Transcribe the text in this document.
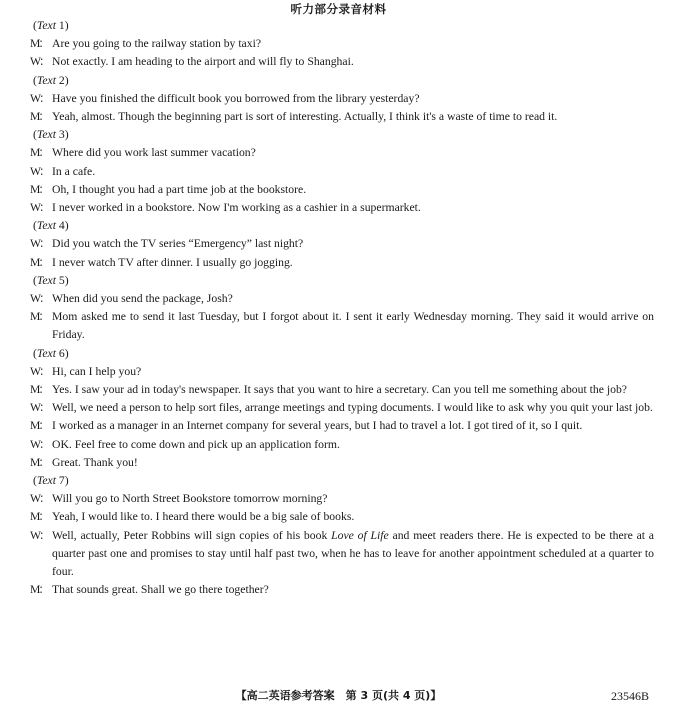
听力部分录音材料
(Text 1)
M： Are you going to the railway station by taxi?
W： Not exactly. I am heading to the airport and will fly to Shanghai.
(Text 2)
W： Have you finished the difficult book you borrowed from the library yesterday?
M： Yeah, almost. Though the beginning part is sort of interesting. Actually, I think it's a waste of time to read it.
(Text 3)
M： Where did you work last summer vacation?
W： In a cafe.
M： Oh, I thought you had a part time job at the bookstore.
W： I never worked in a bookstore. Now I'm working as a cashier in a supermarket.
(Text 4)
W： Did you watch the TV series “Emergency” last night?
M： I never watch TV after dinner. I usually go jogging.
(Text 5)
W： When did you send the package, Josh?
M： Mom asked me to send it last Tuesday, but I forgot about it. I sent it early Wednesday morning. They said it would arrive on Friday.
(Text 6)
W： Hi, can I help you?
M： Yes. I saw your ad in today's newspaper. It says that you want to hire a secretary. Can you tell me something about the job?
W： Well, we need a person to help sort files, arrange meetings and typing documents. I would like to ask why you quit your last job.
M： I worked as a manager in an Internet company for several years, but I had to travel a lot. I got tired of it, so I quit.
W： OK. Feel free to come down and pick up an application form.
M： Great. Thank you!
(Text 7)
W： Will you go to North Street Bookstore tomorrow morning?
M： Yeah, I would like to. I heard there would be a big sale of books.
W： Well, actually, Peter Robbins will sign copies of his book Love of Life and meet readers there. He is expected to be there at a quarter past one and promises to stay until half past two, when he has to leave for another appointment scheduled at a quarter to four.
M： That sounds great. Shall we go there together?
【高二英语参考答案　第 3 页(共 4 页)】	23546B
